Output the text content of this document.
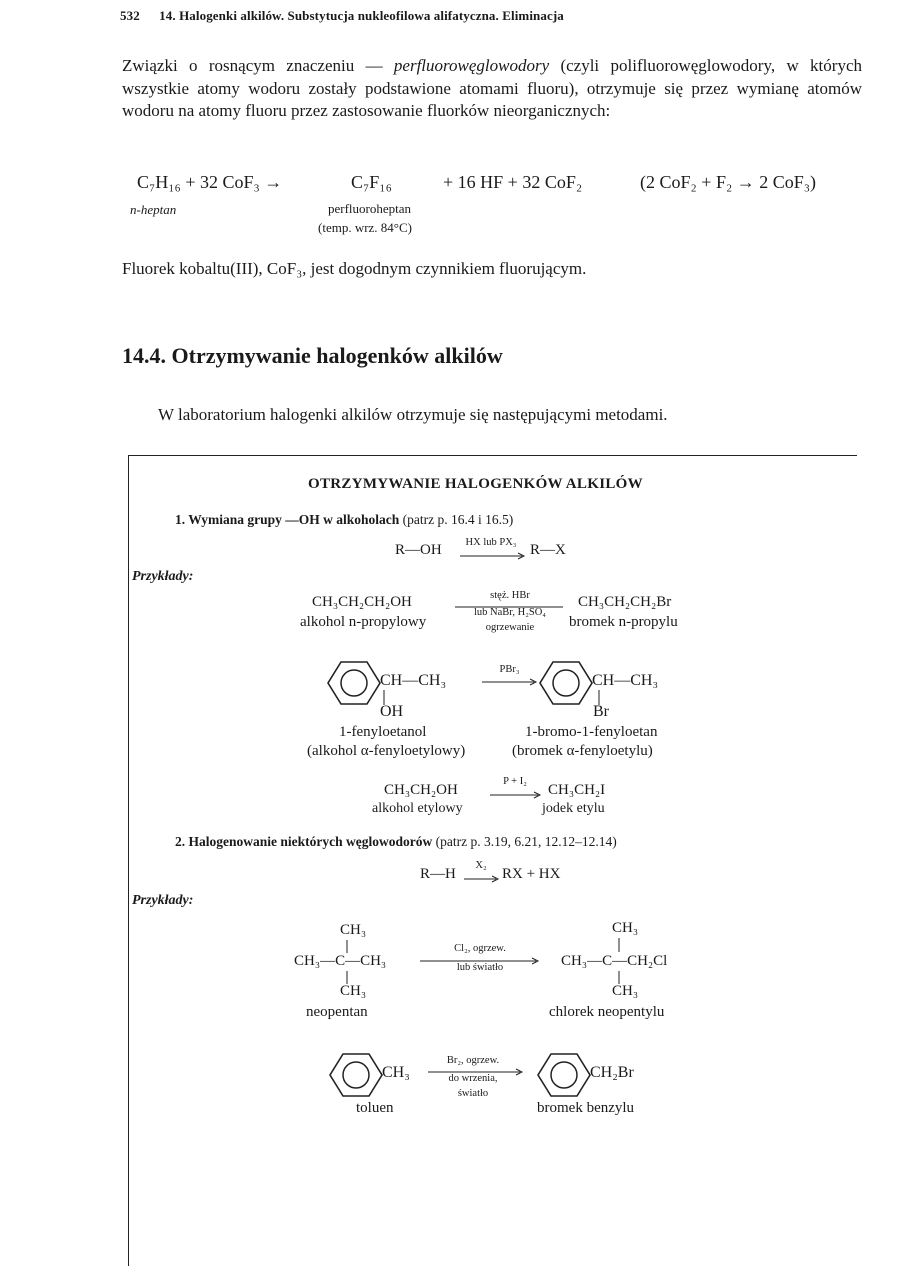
532 14. Halogenki alkilów. Substytucja nukleofilowa alifatyczna. Eliminacja
Związki o rosnącym znaczeniu — perfluorowęglowodory (czyli polifluorowęglowodory, w których wszystkie atomy wodoru zostały podstawione atomami fluoru), otrzymuje się przez wymianę atomów wodoru na atomy fluoru przez zastosowanie fluorków nieorganicznych:
C₇H₁₆ + 32 CoF₃ →	C₇F₁₆	+ 16 HF + 32 CoF₂	(2 CoF₂ + F₂ → 2 CoF₃)
n-heptan	perfluoroheptan
(temp. wrz. 84°C)
Fluorek kobaltu(III), CoF₃, jest dogodnym czynnikiem fluorującym.
14.4. Otrzymywanie halogenków alkilów
W laboratorium halogenki alkilów otrzymuje się następującymi metodami.
OTRZYMYWANIE HALOGENKÓW ALKILÓW
1. Wymiana grupy —OH w alkoholach (patrz p. 16.4 i 16.5)
R—OH	HX lub PX₃ R—X
Przykłady:
CH₃CH₂CH₂OH
alkohol n-propylowy
stęż. HBr
lub NaBr, H₂SO₄
ogrzewanie
CH₃CH₂CH₂Br
bromek n-propylu
CH—CH₃
OH
PBr₃
CH—CH₃
Br
1-fenyloetanol
(alkohol α-fenyloetylowy)
1-bromo-1-fenyloetan
(bromek α-fenyloetylu)
CH₃CH₂OH
alkohol etylowy
P + I₂
CH₃CH₂I
jodek etylu
2. Halogenowanie niektórych węglowodorów (patrz p. 3.19, 6.21, 12.12–12.14)
R—H
X₂
RX + HX
Przykłady:
CH₃
CH₃—C—CH₃
CH₃
neopentan
Cl₂, ogrzew.
lub światło
CH₃
CH₃—C—CH₂Cl
CH₃
chlorek neopentylu
CH₃
Br₂, ogrzew.
do wrzenia,
światło
CH₂Br
toluen	bromek benzylu
